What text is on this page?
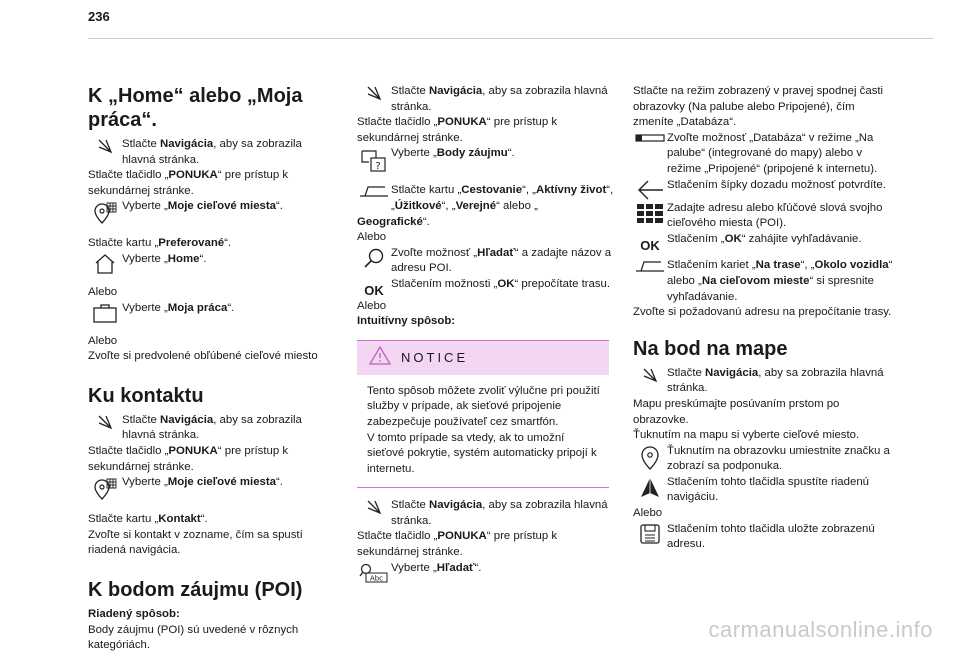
236
K „Home“ alebo „Moja práca“.
Stlačte Navigácia, aby sa zobrazila hlavná stránka.

Stlačte tlačidlo „PONUKA“ pre prístup k sekundárnej stránke.

Vyberte „Moje cieľové miesta“.

Stlačte kartu „Preferované“.

Vyberte „Home“.

Alebo

Vyberte „Moja práca“.

Alebo

Zvoľte si predvolené obľúbené cieľové miesto

Ku kontaktu
Stlačte Navigácia, aby sa zobrazila hlavná stránka.

Stlačte tlačidlo „PONUKA“ pre prístup k sekundárnej stránke.

Vyberte „Moje cieľové miesta“.

Stlačte kartu „Kontakt“.

Zvoľte si kontakt v zozname, čím sa spustí riadená navigácia.

K bodom záujmu (POI)

Riadený spôsob:

Body záujmu (POI) sú uvedené v rôznych kategóriách.

Stlačte Navigácia, aby sa zobrazila hlavná stránka.

Stlačte tlačidlo „PONUKA“ pre prístup k sekundárnej stránke.

?
Vyberte „Body záujmu“.
Stlačte kartu „Cestovanie“, „Aktívny život“, „Úžitkové“, „Verejné“ alebo „

Geografické“.

Alebo

Zvoľte možnosť „Hľadať“ a zadajte názov a adresu POI.
OK Stlačením možnosti „OK“ prepočítate trasu.

Alebo

Intuitívny spôsob:

NOTICE

Tento spôsob môžete zvoliť výlučne pri použití služby v prípade, ak sieťové pripojenie zabezpečuje používateľ cez smartfón.

V tomto prípade sa vtedy, ak to umožní sieťové pokrytie, systém automaticky pripojí k internetu.

Stlačte Navigácia, aby sa zobrazila hlavná stránka.

Stlačte tlačidlo „PONUKA“ pre prístup k sekundárnej stránke.

Abc
Vyberte „Hľadať“.

Stlačte na režim zobrazený v pravej spodnej časti obrazovky (Na palube alebo Pripojené), čím zmeníte „Databáza“.

Zvoľte možnosť „Databáza“ v režime „Na palube“ (integrované do mapy) alebo v režime „Pripojené“ (pripojené k internetu).
Stlačením šípky dozadu možnosť potvrdíte.
Zadajte adresu alebo kľúčové slová svojho cieľového miesta (POI).
OK Stlačením „OK“ zahájite vyhľadávanie.
Stlačením kariet „Na trase“, „Okolo vozidla“ alebo „Na cieľovom mieste“ si spresnite vyhľadávanie.

Zvoľte si požadovanú adresu na prepočítanie trasy.

Na bod na mape
Stlačte Navigácia, aby sa zobrazila hlavná stránka.

Mapu preskúmajte posúvaním prstom po obrazovke.

Ťuknutím na mapu si vyberte cieľové miesto.

Ťuknutím na obrazovku umiestnite značku a zobrazí sa podponuka.
Stlačením tohto tlačidla spustíte riadenú navigáciu.

Alebo

Stlačením tohto tlačidla uložte zobrazenú adresu.
carmanualsonline.info
